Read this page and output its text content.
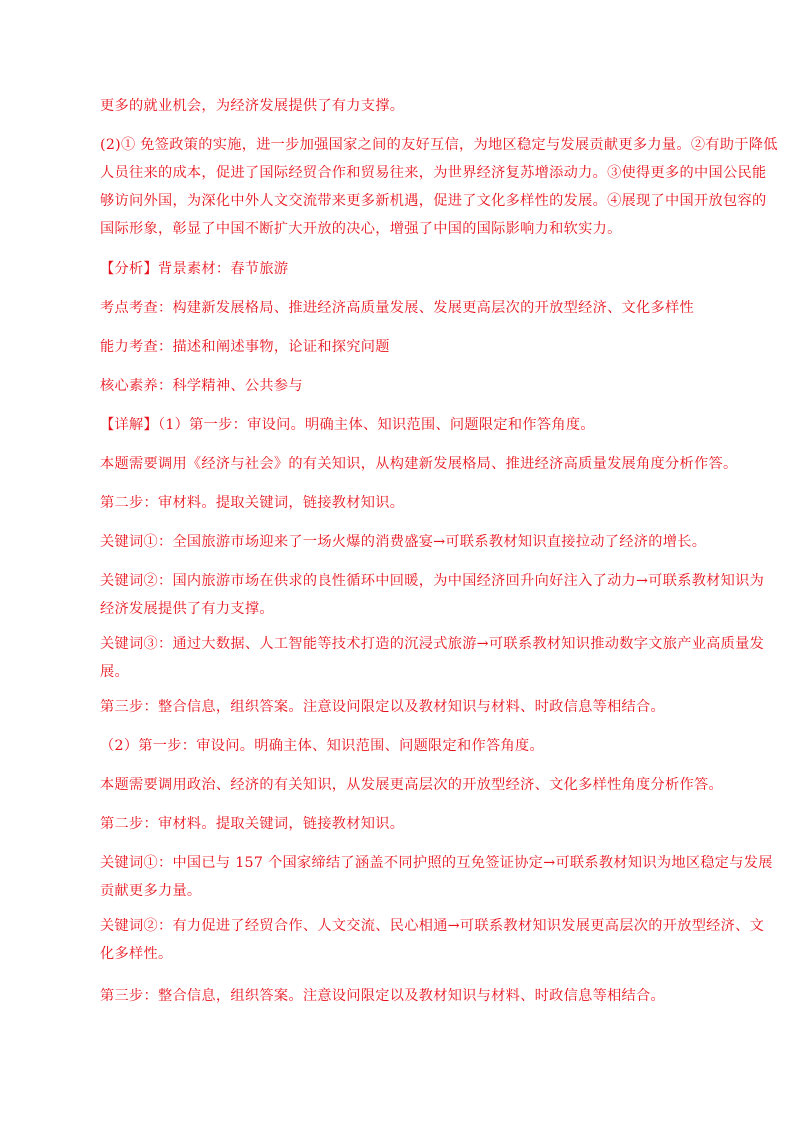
更多的就业机会，为经济发展提供了有力支撑。
(2)① 免签政策的实施，进一步加强国家之间的友好互信，为地区稳定与发展贡献更多力量。②有助于降低
人员往来的成本，促进了国际经贸合作和贸易往来，为世界经济复苏增添动力。③使得更多的中国公民能
够访问外国，为深化中外人文交流带来更多新机遇，促进了文化多样性的发展。④展现了中国开放包容的
国际形象，彰显了中国不断扩大开放的决心，增强了中国的国际影响力和软实力。
【分析】背景素材：春节旅游
考点考查：构建新发展格局、推进经济高质量发展、发展更高层次的开放型经济、文化多样性
能力考查：描述和阐述事物，论证和探究问题
核心素养：科学精神、公共参与
【详解】（1）第一步：审设问。明确主体、知识范围、问题限定和作答角度。
本题需要调用《经济与社会》的有关知识，从构建新发展格局、推进经济高质量发展角度分析作答。
第二步：审材料。提取关键词，链接教材知识。
关键词①：全国旅游市场迎来了一场火爆的消费盛宴→可联系教材知识直接拉动了经济的增长。
关键词②：国内旅游市场在供求的良性循环中回暖，为中国经济回升向好注入了动力→可联系教材知识为
经济发展提供了有力支撑。
关键词③：通过大数据、人工智能等技术打造的沉浸式旅游→可联系教材知识推动数字文旅产业高质量发
展。
第三步：整合信息，组织答案。注意设问限定以及教材知识与材料、时政信息等相结合。
（2）第一步：审设问。明确主体、知识范围、问题限定和作答角度。
本题需要调用政治、经济的有关知识，从发展更高层次的开放型经济、文化多样性角度分析作答。
第二步：审材料。提取关键词，链接教材知识。
关键词①：中国已与 157 个国家缔结了涵盖不同护照的互免签证协定→可联系教材知识为地区稳定与发展
贡献更多力量。
关键词②：有力促进了经贸合作、人文交流、民心相通→可联系教材知识发展更高层次的开放型经济、文
化多样性。
第三步：整合信息，组织答案。注意设问限定以及教材知识与材料、时政信息等相结合。
